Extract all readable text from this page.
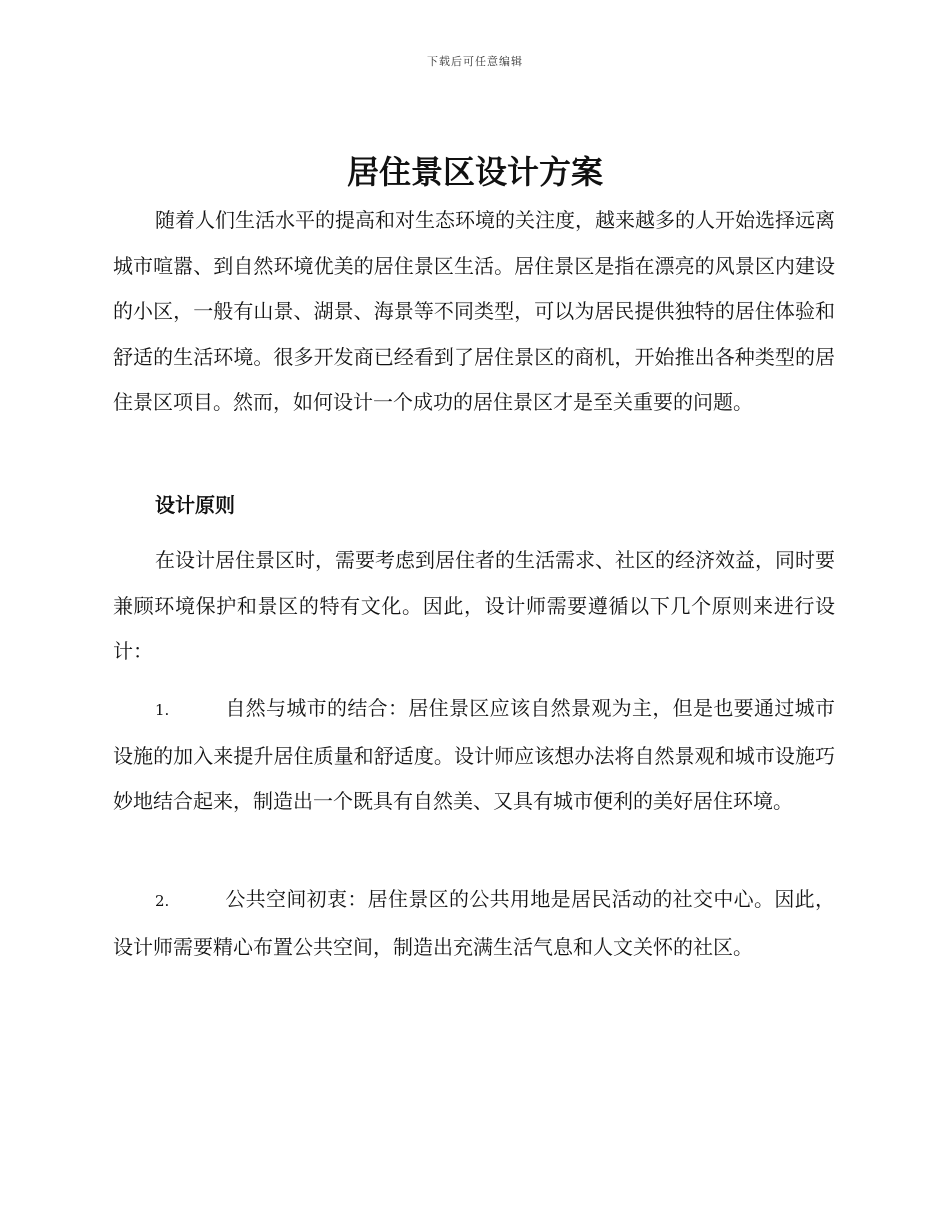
下载后可任意编辑
居住景区设计方案

随着人们生活水平的提高和对生态环境的关注度，越来越多的人开始选择远离城市喧嚣、到自然环境优美的居住景区生活。居住景区是指在漂亮的风景区内建设的小区，一般有山景、湖景、海景等不同类型，可以为居民提供独特的居住体验和舒适的生活环境。很多开发商已经看到了居住景区的商机，开始推出各种类型的居住景区项目。然而，如何设计一个成功的居住景区才是至关重要的问题。

设计原则

在设计居住景区时，需要考虑到居住者的生活需求、社区的经济效益，同时要兼顾环境保护和景区的特有文化。因此，设计师需要遵循以下几个原则来进行设计：

1.	自然与城市的结合：居住景区应该自然景观为主，但是也要通过城市设施的加入来提升居住质量和舒适度。设计师应该想办法将自然景观和城市设施巧妙地结合起来，制造出一个既具有自然美、又具有城市便利的美好居住环境。

2.	公共空间初衷：居住景区的公共用地是居民活动的社交中心。因此，设计师需要精心布置公共空间，制造出充满生活气息和人文关怀的社区。
